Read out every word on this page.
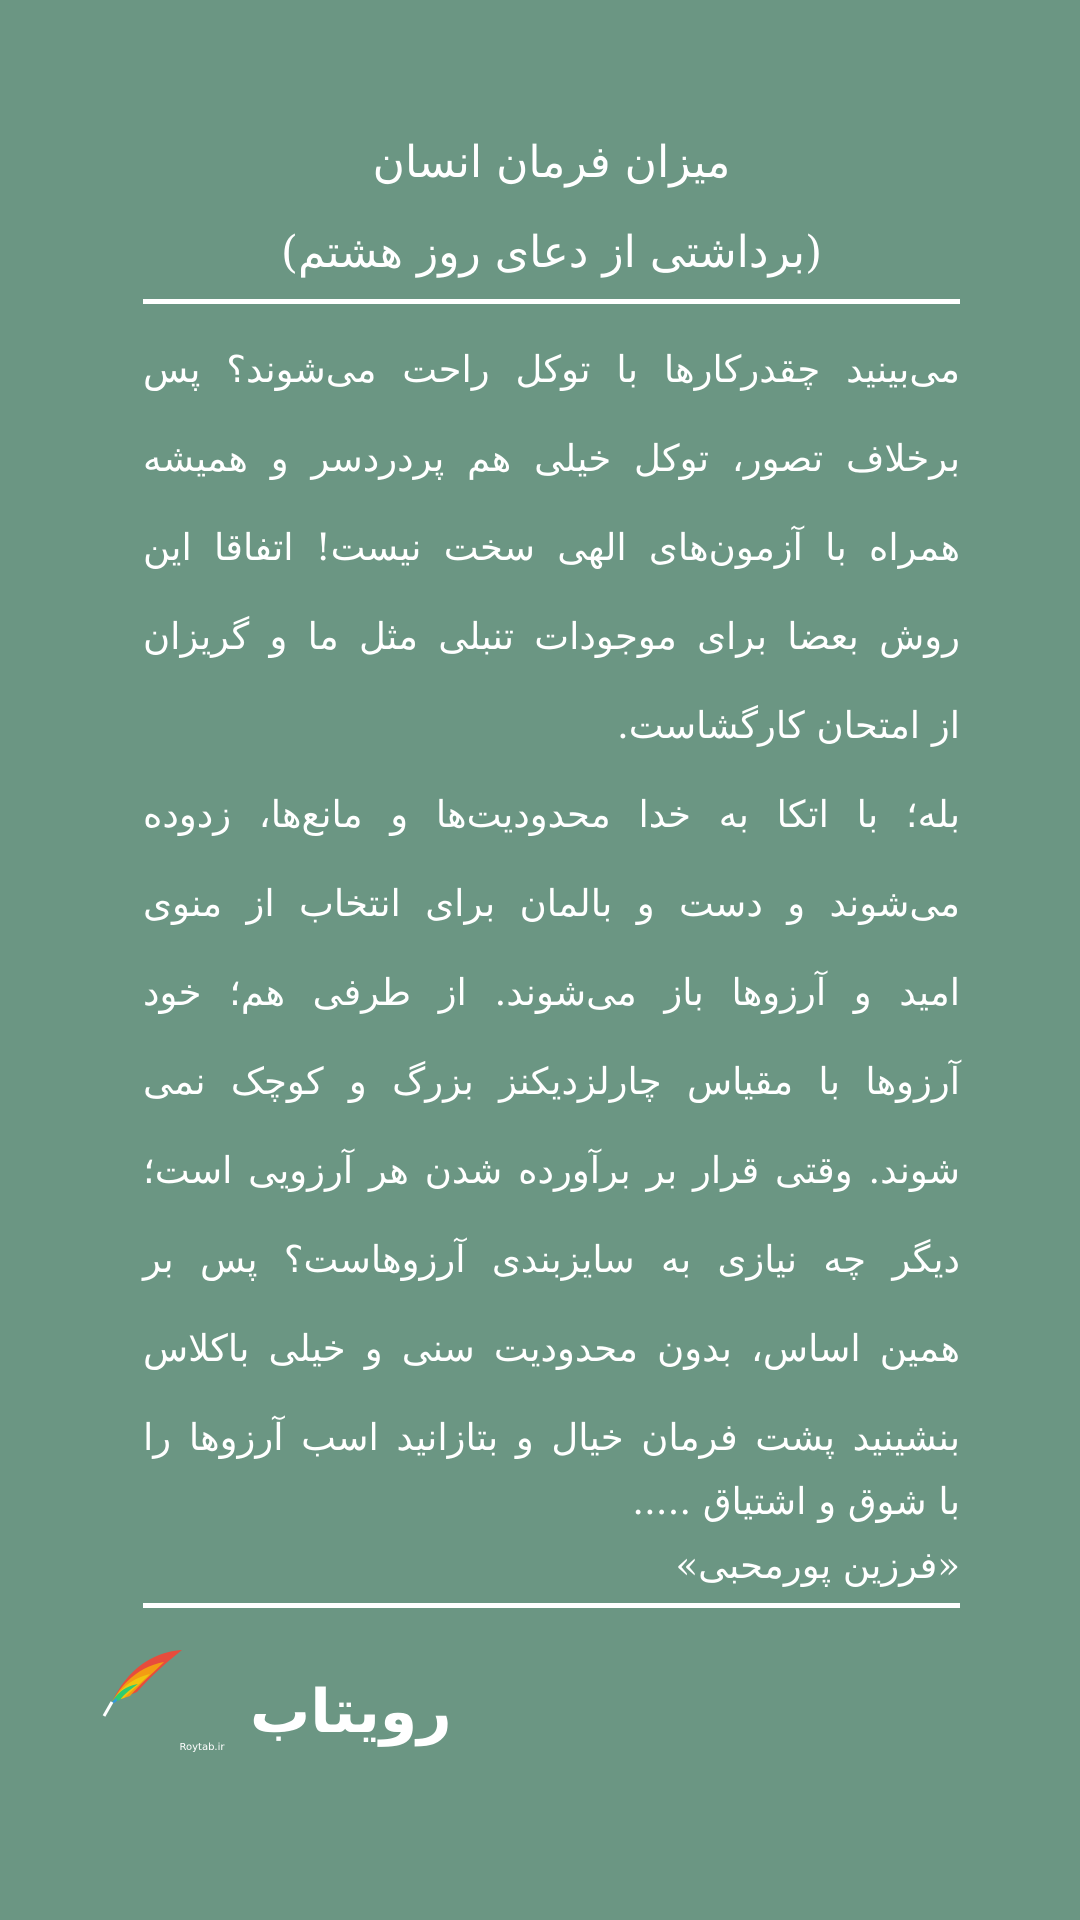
میزان فرمان انسان
(برداشتی از دعای روز هشتم)
می‌بینید چقدرکارها با توکل راحت می‌شوند؟ پس
برخلاف تصور، توکل خیلی هم پردردسر و همیشه
همراه با آزمون‌های الهی سخت نیست! اتفاقا این
روش بعضا برای موجودات تنبلی مثل ما و گریزان
از امتحان کارگشاست.
بله؛ با اتکا به خدا محدودیت‌ها و مانع‌ها، زدوده
می‌شوند و دست و بالمان برای انتخاب از منوی
امید و آرزوها باز می‌شوند. از طرفی هم؛ خود
آرزوها با مقیاس چارلزدیکنز بزرگ و کوچک نمی
شوند. وقتی قرار بر برآورده شدن هر آرزویی است؛
دیگر چه نیازی به سایزبندی آرزوهاست؟ پس بر
همین اساس، بدون محدودیت سنی و خیلی باکلاس
بنشینید پشت فرمان خیال و بتازانید اسب آرزوها را
با شوق و اشتیاق .....
«فرزین پورمحبی»
رویتاب
Roytab.ir
